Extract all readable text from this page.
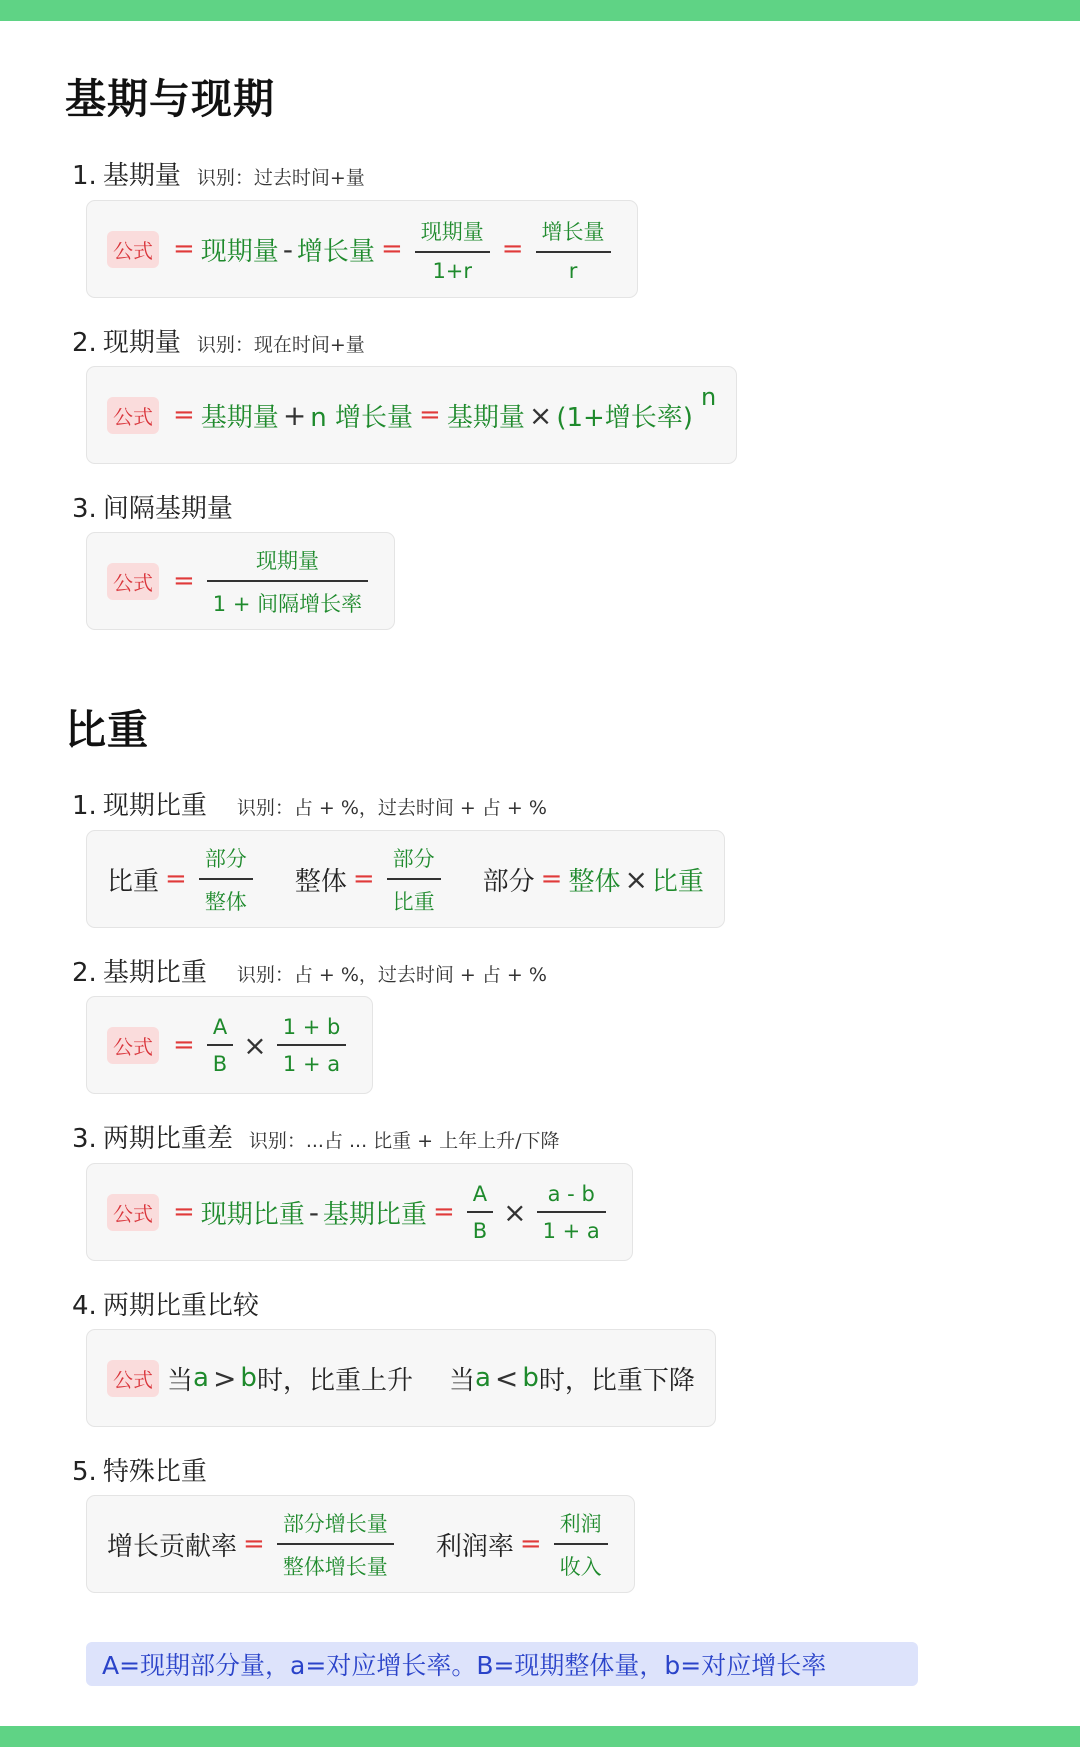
基期与现期
1. 基期量 识别：过去时间+量
公式 = 现期量 - 增长量 = $\frac{\text{现期量}}{1+r} = \frac{\text{增长量}}{r}$
2. 现期量 识别：现在时间+量
公式 = 基期量 + n 增长量 = 基期量 × (1+增长率)
n
3. 间隔基期量
公式 = $\frac{\text{现期量}}{\text{1 + 间隔增长率}}$
比重
1. 现期比重 识别：占 + %，过去时间 + 占 + %
比重 = $\frac{\text{部分}}{\text{整体}}$ 整体 = $\frac{\text{部分}}{\text{比重}}$ 部分 = 整体 × 比重
2. 基期比重 识别：占 + %，过去时间 + 占 + %
公式 = $\frac{A}{B} \times \frac{1 + b}{1 + a}$
3. 两期比重差 识别：...占 ... 比重 + 上年上升/下降
公式 = 现期比重 - 基期比重 = $\frac{A}{B} \times \frac{a - b}{1 + a}$
4. 两期比重比较
公式 当 a > b 时，比重上升 当 a < b 时，比重下降
5. 特殊比重
增长贡献率 = $\frac{\text{部分增长量}}{\text{整体增长量}}$ 利润率 = $\frac{\text{利润}}{\text{收入}}$
A=现期部分量，a=对应增长率。B=现期整体量，b=对应增长率
